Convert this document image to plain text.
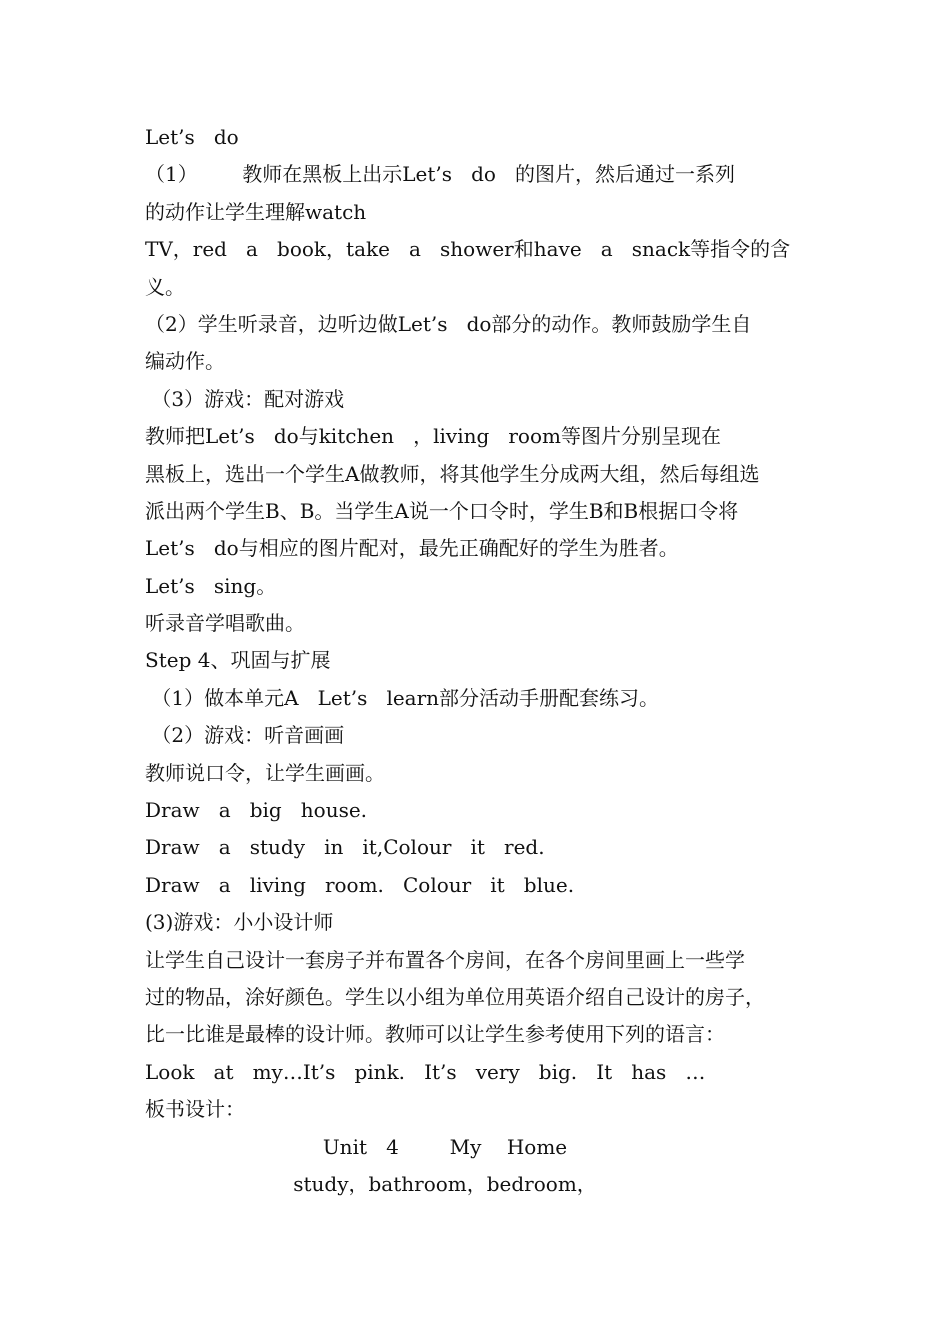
Let’s   do

（1）       教师在黑板上出示Let’s   do   的图片，然后通过一系列

的动作让学生理解watch

TV，red   a   book，take   a   shower和have   a   snack等指令的含

义。

（2）学生听录音，边听边做Let’s   do部分的动作。教师鼓励学生自

编动作。

（3）游戏：配对游戏

教师把Let’s   do与kitchen   ，living   room等图片分别呈现在

黑板上，选出一个学生A做教师，将其他学生分成两大组，然后每组选

派出两个学生B、B。当学生A说一个口令时，学生B和B根据口令将

Let’s   do与相应的图片配对，最先正确配好的学生为胜者。

Let’s   sing。

听录音学唱歌曲。

Step 4、巩固与扩展

（1）做本单元A   Let’s   learn部分活动手册配套练习。

（2）游戏：听音画画

教师说口令，让学生画画。

Draw   a   big   house.

Draw   a   study   in   it,Colour   it   red.

Draw   a   living   room.   Colour   it   blue.

(3)游戏：小小设计师

让学生自己设计一套房子并布置各个房间，在各个房间里画上一些学

过的物品，涂好颜色。学生以小组为单位用英语介绍自己设计的房子，

比一比谁是最棒的设计师。教师可以让学生参考使用下列的语言：

Look   at   my…It’s   pink.   It’s   very   big.   It   has   …

板书设计：

Unit   4        My    Home

study，bathroom，bedroom，
